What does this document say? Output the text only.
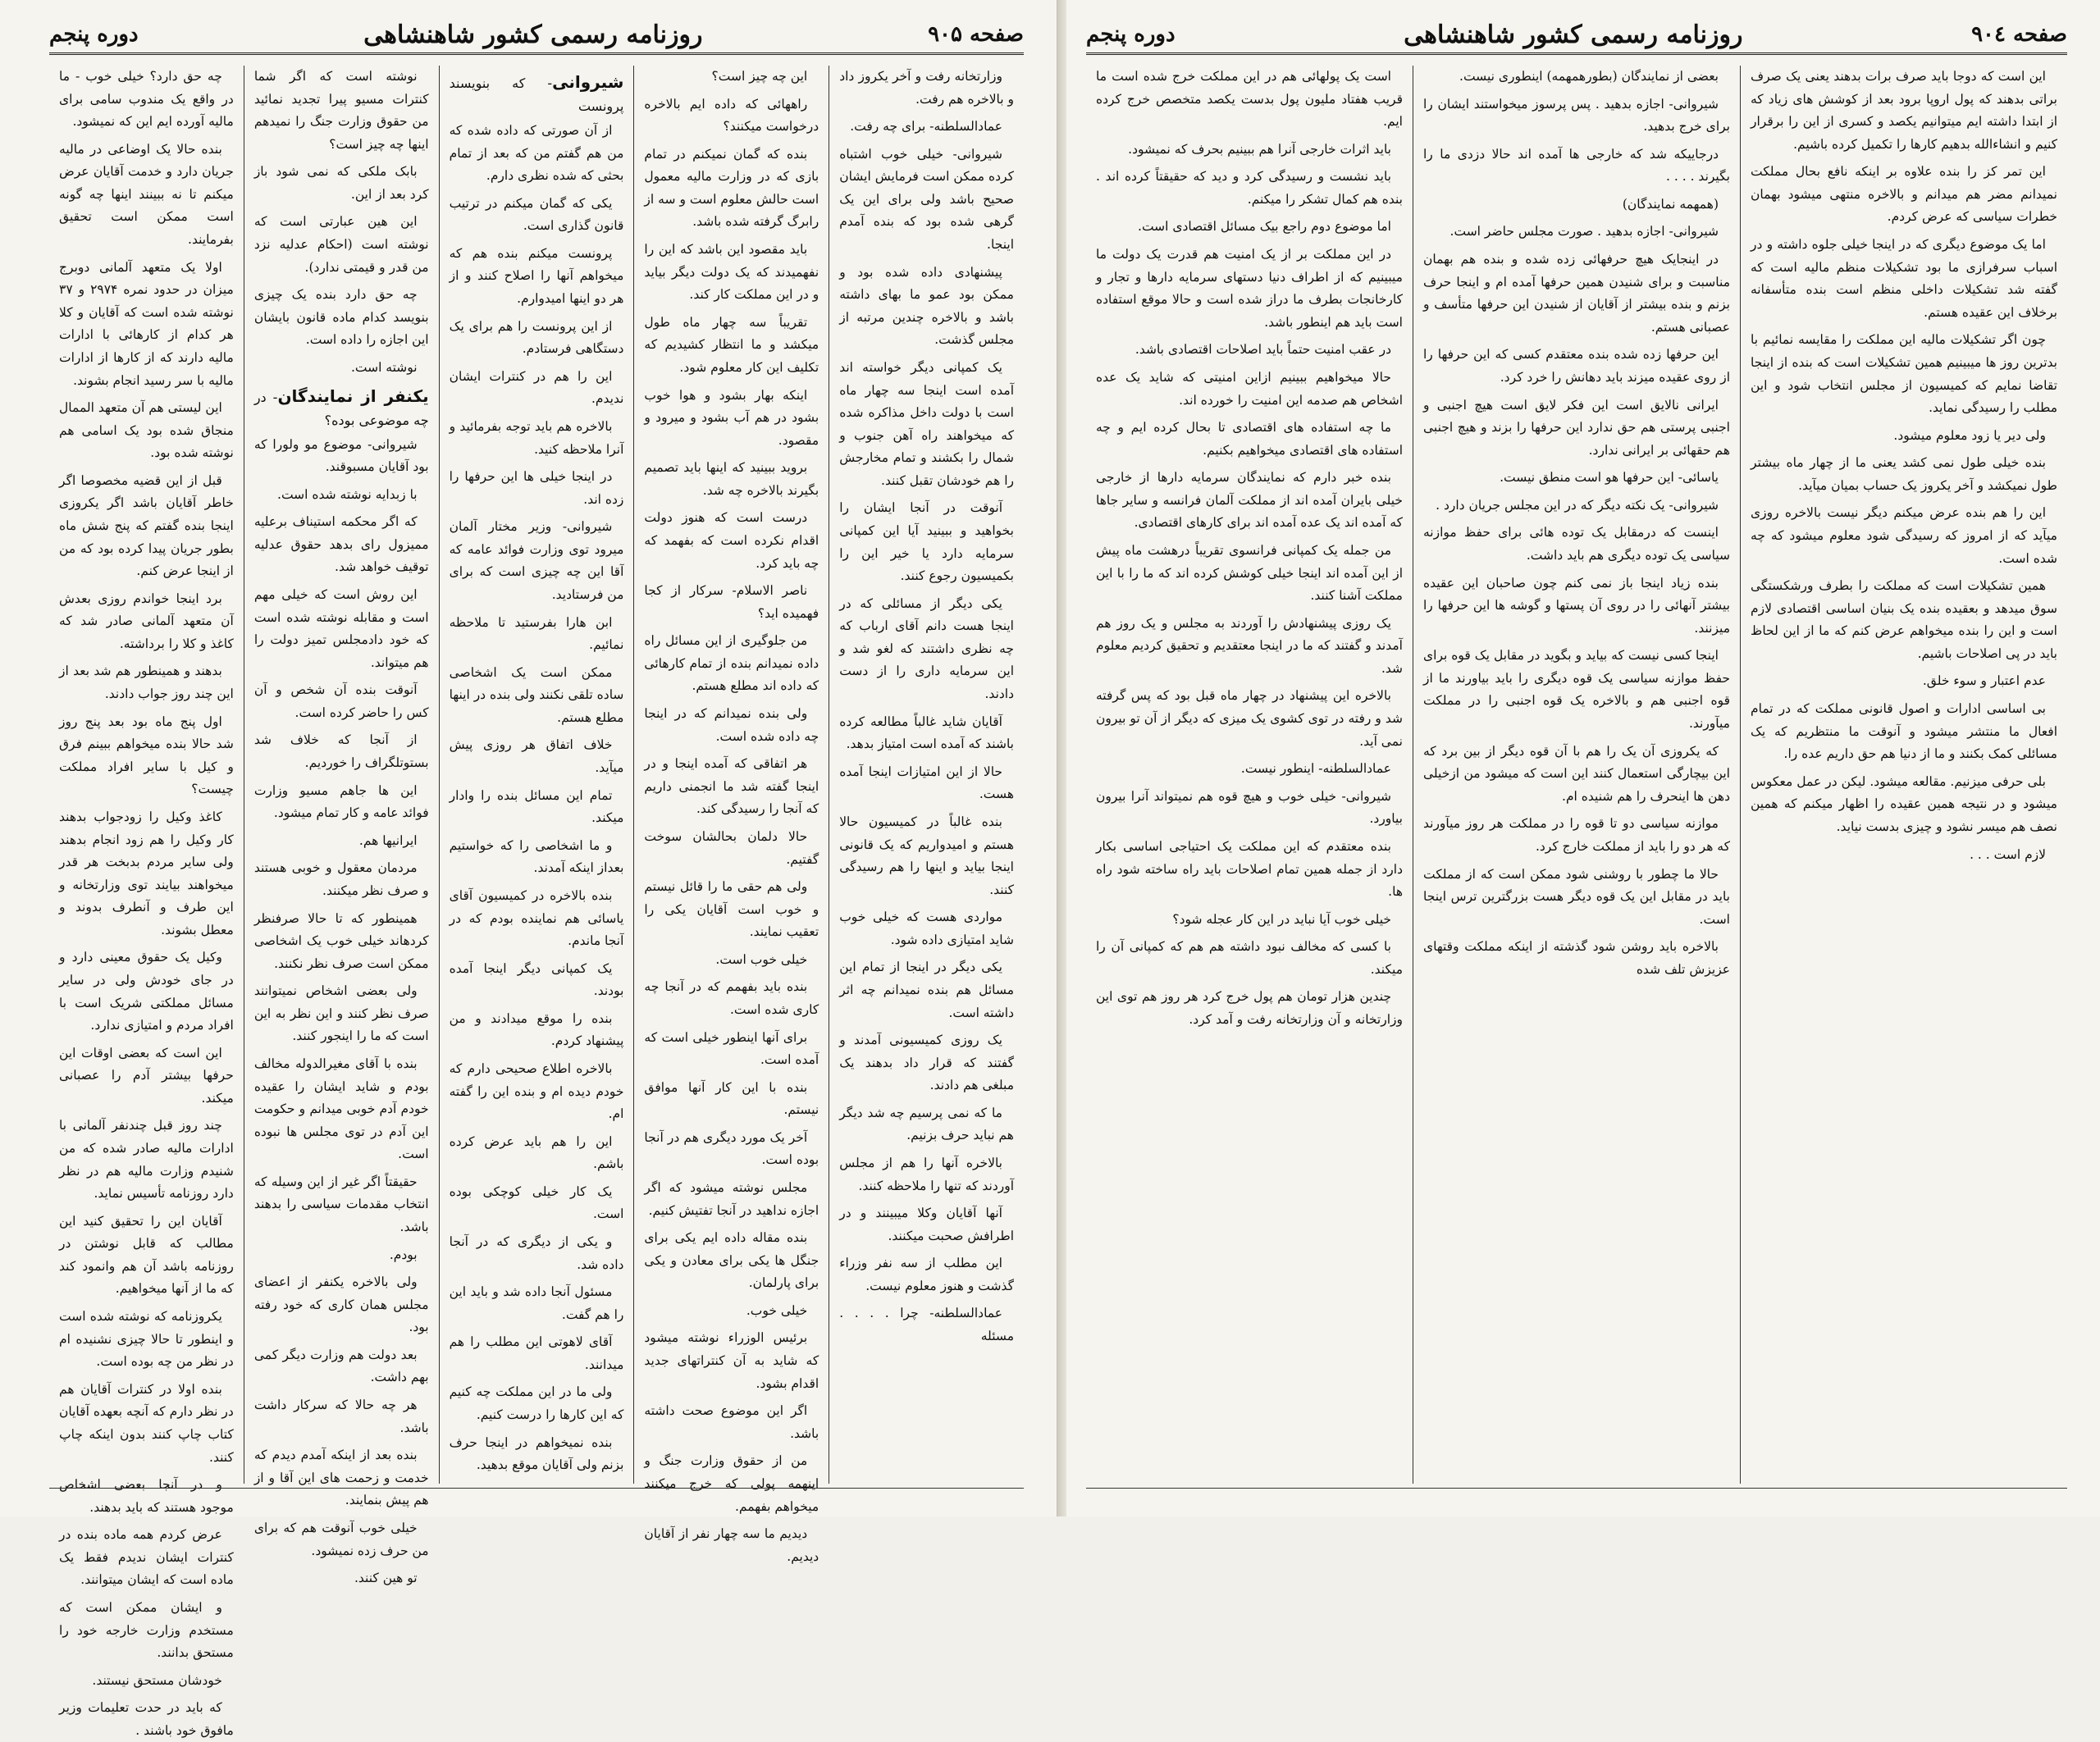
صفحه ۹۰٤
روزنامه رسمی کشور شاهنشاهی
دوره پنجم

این است که دوجا باید صرف برات بدهند یعنی یک صرف براتی بدهند که پول اروپا برود بعد از کوشش های زیاد که از ابتدا داشته ایم میتوانیم یکصد و کسری از این را برقرار کنیم و انشاءالله بدهیم کارها را تکمیل کرده باشیم.

این تمر کز را بنده علاوه بر اینکه نافع بحال مملکت نمیدانم مضر هم میدانم و بالاخره منتهی میشود بهمان خطرات سیاسی که عرض کردم.

اما یک موضوع دیگری که در اینجا خیلی جلوه داشته و در اسباب سرفرازی ما بود تشکیلات منظم مالیه است که گفته شد تشکیلات داخلی منظم است بنده متأسفانه برخلاف این عقیده هستم.

چون اگر تشکیلات مالیه این مملکت را مقایسه نمائیم با بدترین روز ها میبینیم همین تشکیلات است که بنده از اینجا تقاضا نمایم که کمیسیون از مجلس انتخاب شود و این مطلب را رسیدگی نماید.

ولی دیر یا زود معلوم میشود.

بنده خیلی طول نمی کشد یعنی ما از چهار ماه بیشتر طول نمیکشد و آخر یکروز یک حساب بمیان میآید.

این را هم بنده عرض میکنم دیگر نیست بالاخره روزی میآید که از امروز که رسیدگی شود معلوم میشود که چه شده است.

همین تشکیلات است که مملکت را بطرف ورشکستگی سوق میدهد و بعقیده بنده یک بنیان اساسی اقتصادی لازم است و این را بنده میخواهم عرض کنم که ما از این لحاظ باید در پی اصلاحات باشیم.

عدم اعتبار و سوء خلق.

بی اساسی ادارات و اصول قانونی مملکت که در تمام افعال ما منتشر میشود و آنوقت ما منتظریم که یک مسائلی کمک بکنند و ما از دنیا هم حق داریم عده را.

بلی حرفی میزنیم. مقالعه میشود. لیکن در عمل معکوس میشود و در نتیجه همین عقیده را اظهار میکنم که همین نصف هم میسر نشود و چیزی بدست نیاید.

لازم است . . .

بعضی از نمایندگان (بطورهمهمه) اینطوری نیست.

شیروانی- اجازه بدهید . پس پرسوز میخواستند ایشان را برای خرج بدهید.

درجاییکه شد که خارجی ها آمده اند حالا دزدی ما را بگیرند . . . .

(همهمه نمایندگان)

شیروانی- اجازه بدهید . صورت مجلس حاضر است.

در اینجایک هیچ حرفهائی زده شده و بنده هم بهمان مناسبت و برای شنیدن همین حرفها آمده ام و اینجا حرف بزنم و بنده بیشتر از آقایان از شنیدن این حرفها متأسف و عصبانی هستم.

این حرفها زده شده بنده معتقدم کسی که این حرفها را از روی عقیده میزند باید دهانش را خرد کرد.

ایرانی نالایق است این فکر لایق است هیچ اجنبی و اجنبی پرستی هم حق ندارد این حرفها را بزند و هیچ اجنبی هم حقهائی بر ایرانی ندارد.

یاسائی- این حرفها هو است منطق نیست.

شیروانی- یک نکته دیگر که در این مجلس جریان دارد .

اینست که درمقابل یک توده هائی برای حفظ موازنه سیاسی یک توده دیگری هم باید داشت.

بنده زیاد اینجا باز نمی کنم چون صاحبان این عقیده بیشتر آنهائی را در روی آن پستها و گوشه ها این حرفها را میزنند.

اینجا کسی نیست که بیاید و بگوید در مقابل یک قوه برای حفظ موازنه سیاسی یک قوه دیگری را باید بیاورند ما از قوه اجنبی هم و بالاخره یک قوه اجنبی را در مملکت میآورند.

که یکروزی آن یک را هم با آن قوه دیگر از بین برد که این بیچارگی استعمال کنند این است که میشود من ازخیلی دهن ها اینحرف را هم شنیده ام.

موازنه سیاسی دو تا قوه را در مملکت هر روز میآورند که هر دو را باید از مملکت خارج کرد.

حالا ما چطور با روشنی شود ممکن است که از مملکت باید در مقابل این یک قوه دیگر هست بزرگترین ترس اینجا است.

بالاخره باید روشن شود گذشته از اینکه مملکت وقتهای عزیزش تلف شده

است یک پولهائی هم در این مملکت خرج شده است ما قریب هفتاد ملیون پول بدست یکصد متخصص خرج کرده ایم.

باید اثرات خارجی آنرا هم ببینیم بحرف که نمیشود.

باید نشست و رسیدگی کرد و دید که حقیقتاً کرده اند . بنده هم کمال تشکر را میکنم.

اما موضوع دوم راجع بیک مسائل اقتصادی است.

در این مملکت بر از یک امنیت هم قدرت یک دولت ما میبینیم که از اطراف دنیا دستهای سرمایه دارها و تجار و کارخانجات بطرف ما دراز شده است و حالا موقع استفاده است باید هم اینطور باشد.

در عقب امنیت حتماً باید اصلاحات اقتصادی باشد.

حالا میخواهیم ببینیم ازاین امنیتی که شاید یک عده اشخاص هم صدمه این امنیت را خورده اند.

ما چه استفاده های اقتصادی تا بحال کرده ایم و چه استفاده های اقتصادی میخواهیم بکنیم.

بنده خبر دارم که نمایندگان سرمایه دارها از خارجی خیلی بایران آمده اند از مملکت آلمان فرانسه و سایر جاها که آمده اند یک عده آمده اند برای کارهای اقتصادی.

من جمله یک کمپانی فرانسوی تقریباً درهشت ماه پیش از این آمده اند اینجا خیلی کوشش کرده اند که ما را با این مملکت آشنا کنند.

یک روزی پیشنهادش را آوردند به مجلس و یک روز هم آمدند و گفتند که ما در اینجا معتقدیم و تحقیق کردیم معلوم شد.

بالاخره این پیشنهاد در چهار ماه قبل بود که پس گرفته شد و رفته در توی کشوی یک میزی که دیگر از آن تو بیرون نمی آید.

عمادالسلطنه- اینطور نیست.

شیروانی- خیلی خوب و هیچ قوه هم نمیتواند آنرا بیرون بیاورد.

بنده معتقدم که این مملکت یک احتیاجی اساسی بکار دارد از جمله همین تمام اصلاحات باید راه ساخته شود راه ها.

خیلی خوب آیا نباید در این کار عجله شود؟

با کسی که مخالف نبود داشته هم هم که کمپانی آن را میکند.

چندین هزار تومان هم پول خرج کرد هر روز هم توی این وزارتخانه و آن وزارتخانه رفت و آمد کرد.

صفحه ۹۰۵
روزنامه رسمی کشور شاهنشاهی
دوره پنجم

وزارتخانه رفت و آخر یکروز داد و بالاخره هم رفت.

عمادالسلطنه- برای چه رفت.

شیروانی- خیلی خوب اشتباه کرده ممکن است فرمایش ایشان صحیح باشد ولی برای این یک گرهی شده بود که بنده آمدم اینجا.

پیشنهادی داده شده بود و ممکن بود عمو ما بهای داشته باشد و بالاخره چندین مرتبه از مجلس گذشت.

یک کمپانی دیگر خواسته اند آمده است اینجا سه چهار ماه است با دولت داخل مذاکره شده که میخواهند راه آهن جنوب و شمال را بکشند و تمام مخارجش را هم خودشان تقبل کنند.

آنوقت در آنجا ایشان را بخواهید و ببینید آیا این کمپانی سرمایه دارد یا خیر این را بکمیسیون رجوع کنند.

یکی دیگر از مسائلی که در اینجا هست دانم آقای ارباب که چه نظری داشتند که لغو شد و این سرمایه داری را از دست دادند.

آقایان شاید غالباً مطالعه کرده باشند که آمده است امتیاز بدهد.

حالا از این امتیازات اینجا آمده هست.

بنده غالباً در کمیسیون حالا هستم و امیدواریم که یک قانونی اینجا بیاید و اینها را هم رسیدگی کنند.

مواردی هست که خیلی خوب شاید امتیازی داده شود.

یکی دیگر در اینجا از تمام این مسائل هم بنده نمیدانم چه اثر داشته است.

یک روزی کمیسیونی آمدند و گفتند که قرار داد بدهند یک مبلغی هم دادند.

ما که نمی پرسیم چه شد دیگر هم نباید حرف بزنیم.

بالاخره آنها را هم از مجلس آوردند که تنها را ملاحظه کنند.

آنها آقایان وکلا میبینند و در اطرافش صحبت میکنند.

این مطلب از سه نفر وزراء گذشت و هنوز معلوم نیست.

عمادالسلطنه- چرا . . . . مسئله

این چه چیز است؟

راههائی که داده ایم بالاخره درخواست میکنند؟

بنده که گمان نمیکنم در تمام بازی که در وزارت مالیه معمول است حالش معلوم است و سه از رابرگ گرفته شده باشد.

باید مقصود این باشد که این را نفهمیدند که یک دولت دیگر بیاید و در این مملکت کار کند.

تقریباً سه چهار ماه طول میکشد و ما انتظار کشیدیم که تکلیف این کار معلوم شود.

اینکه بهار بشود و هوا خوب بشود در هم آب بشود و میرود و مقصود.

بروید ببینید که اینها باید تصمیم بگیرند بالاخره چه شد.

درست است که هنوز دولت اقدام نکرده است که بفهمد که چه باید کرد.

ناصر الاسلام- سرکار از کجا فهمیده اید؟

من جلوگیری از این مسائل راه داده نمیدانم بنده از تمام کارهائی که داده اند مطلع هستم.

ولی بنده نمیدانم که در اینجا چه داده شده است.

هر اتفاقی که آمده اینجا و در اینجا گفته شد ما انجمنی داریم که آنجا را رسیدگی کند.

حالا دلمان بحالشان سوخت گفتیم.

ولی هم حقی ما را قائل نیستم و خوب است آقایان یکی را تعقیب نمایند.

خیلی خوب است.

بنده باید بفهمم که در آنجا چه کاری شده است.

برای آنها اینطور خیلی است که آمده است.

بنده با این کار آنها موافق نیستم.

آخر یک مورد دیگری هم در آنجا بوده است.

مجلس نوشته میشود که اگر اجازه نداهید در آنجا تفتیش کنیم.

بنده مقاله داده ایم یکی برای جنگل ها یکی برای معادن و یکی برای پارلمان.

خیلی خوب.

برئیس الوزراء نوشته میشود که شاید به آن کنتراتهای جدید اقدام بشود.

اگر این موضوع صحت داشته باشد.

من از حقوق وزارت جنگ و اینهمه پولی که خرج میکنند میخواهم بفهمم.

دیدیم ما سه چهار نفر از آقایان دیدیم.

شیروانی- که بنویسند پرونست

از آن صورتی که داده شده که من هم گفتم من که بعد از تمام بحثی که شده نظری دارم.

یکی که گمان میکنم در ترتیب قانون گذاری است.

پرونست میکنم بنده هم که میخواهم آنها را اصلاح کنند و از هر دو اینها امیدوارم.

از این پرونست را هم برای یک دستگاهی فرستادم.

این را هم در کنترات ایشان ندیدم.

بالاخره هم باید توجه بفرمائید و آنرا ملاحظه کنید.

در اینجا خیلی ها این حرفها را زده اند.

شیروانی- وزیر مختار آلمان میرود توی وزارت فوائد عامه که آقا این چه چیزی است که برای من فرستادید.

ابن هارا بفرستید تا ملاحظه نمائیم.

ممکن است یک اشخاصی ساده تلقی نکنند ولی بنده در اینها مطلع هستم.

خلاف اتفاق هر روزی پیش میآید.

تمام این مسائل بنده را وادار میکند.

و ما اشخاصی را که خواستیم بعداز اینکه آمدند.

بنده بالاخره در کمیسیون آقای یاسائی هم نماینده بودم که در آنجا ماندم.

یک کمپانی دیگر اینجا آمده بودند.

بنده را موقع میدادند و من پیشنهاد کردم.

بالاخره اطلاع صحیحی دارم که خودم دیده ام و بنده این را گفته ام.

این را هم باید عرض کرده باشم.

یک کار خیلی کوچکی بوده است.

و یکی از دیگری که در آنجا داده شد.

مسئول آنجا داده شد و باید این را هم گفت.

آقای لاهوتی این مطلب را هم میدانند.

ولی ما در این مملکت چه کنیم که این کارها را درست کنیم.

بنده نمیخواهم در اینجا حرف بزنم ولی آقایان موقع بدهید.

نوشته است که اگر شما کنترات مسیو پیرا تجدید نمائید من حقوق وزارت جنگ را نمیدهم اینها چه چیز است؟

بابک ملکی که نمی شود باز کرد بعد از این.

این هین عبارتی است که نوشته است (احکام عدلیه نزد من قدر و قیمتی ندارد).

چه حق دارد بنده یک چیزی بنویسد کدام ماده قانون بایشان این اجازه را داده است.

نوشته است.

یکنفر از نمایندگان- در چه موضوعی بوده؟

شیروانی- موضوع مو ولورا که بود آقایان مسبوقند.

با زبدایه نوشته شده است.

که اگر محکمه استیناف برعلیه ممیزول رای بدهد حقوق عدلیه توقیف خواهد شد.

این روش است که خیلی مهم است و مقابله نوشته شده است که خود دادمجلس تمیز دولت را هم میتواند.

آنوقت بنده آن شخص و آن کس را حاضر کرده است.

از آنجا که خلاف شد بستوتلگراف را خوردیم.

این ها جاهم مسیو وزارت فوائد عامه و کار تمام میشود.

ایرانیها هم.

مردمان معقول و خوبی هستند و صرف نظر میکنند.

همینطور که تا حالا صرفنظر کردهاند خیلی خوب یک اشخاصی ممکن است صرف نظر نکنند.

ولی بعضی اشخاص نمیتوانند صرف نظر کنند و این نظر به این است که ما را اینجور کنند.

بنده با آقای مغیرالدوله مخالف بودم و شاید ایشان را عقیده خودم آدم خوبی میدانم و حکومت این آدم در توی مجلس ها نبوده است.

حقیقتاً اگر غیر از این وسیله که انتخاب مقدمات سیاسی را بدهند باشد.

بودم.

ولی بالاخره یکنفر از اعضای مجلس همان کاری که خود رفته بود.

بعد دولت هم وزارت دیگر کمی بهم داشت.

هر چه حالا که سرکار داشت باشد.

بنده بعد از اینکه آمدم دیدم که خدمت و زحمت های این آقا و از هم پیش بنمایند.

خیلی خوب آنوقت هم که برای من حرف زده نمیشود.

تو هین کنند.

چه حق دارد؟ خیلی خوب - ما در واقع یک مندوب سامی برای مالیه آورده ایم این که نمیشود.

بنده حالا یک اوضاعی در مالیه جریان دارد و خدمت آقایان عرض میکنم تا نه ببینند اینها چه گونه است ممکن است تحقیق بفرمایند.

اولا یک متعهد آلمانی دوبرج میزان در حدود نمره ۲۹۷۴ و ۳۷ نوشته شده است که آقایان و کلا هر کدام از کارهائی با ادارات مالیه دارند که از کارها از ادارات مالیه با سر رسید انجام بشوند.

این لیستی هم آن متعهد الممال منجاق شده بود یک اسامی هم نوشته شده بود.

قبل از این قضیه مخصوصا اگر خاطر آقایان باشد اگر یکروزی اینجا بنده گفتم که پنج شش ماه بطور جریان پیدا کرده بود که من از اینجا عرض کنم.

برد اینجا خواندم روزی بعدش آن متعهد آلمانی صادر شد که کاغذ و کلا را برداشته.

بدهند و همینطور هم شد بعد از این چند روز جواب دادند.

اول پنج ماه بود بعد پنج روز شد حالا بنده میخواهم ببینم فرق و کیل با سایر افراد مملکت چیست؟

کاغذ وکیل را زودجواب بدهند کار وکیل را هم زود انجام بدهند ولی سایر مردم بدبخت هر قدر میخواهند بیایند توی وزارتخانه و این طرف و آنطرف بدوند و معطل بشوند.

وکیل یک حقوق معینی دارد و در جای خودش ولی در سایر مسائل مملکتی شریک است با افراد مردم و امتیازی ندارد.

این است که بعضی اوقات این حرفها بیشتر آدم را عصبانی میکند.

چند روز قبل چندنفر آلمانی با ادارات مالیه صادر شده که من شنیدم وزارت مالیه هم در نظر دارد روزنامه تأسیس نماید.

آقایان این را تحقیق کنید این مطالب که قابل نوشتن در روزنامه باشد آن هم وانمود کند که ما از آنها میخواهیم.

یکروزنامه که نوشته شده است و اینطور تا حالا چیزی نشنیده ام در نظر من چه بوده است.

بنده اولا در کنترات آقایان هم در نظر دارم که آنچه بعهده آقایان کتاب چاپ کنند بدون اینکه چاپ کنند.

و در آنجا بعضی اشخاص موجود هستند که باید بدهند.

عرض کردم همه ماده بنده در کنترات ایشان ندیدم فقط یک ماده است که ایشان میتوانند.

و ایشان ممکن است که مستخدم وزارت خارجه خود را مستحق بدانند.

خودشان مستحق نیستند.

که باید در حدت تعلیمات وزیر مافوق خود باشند .
